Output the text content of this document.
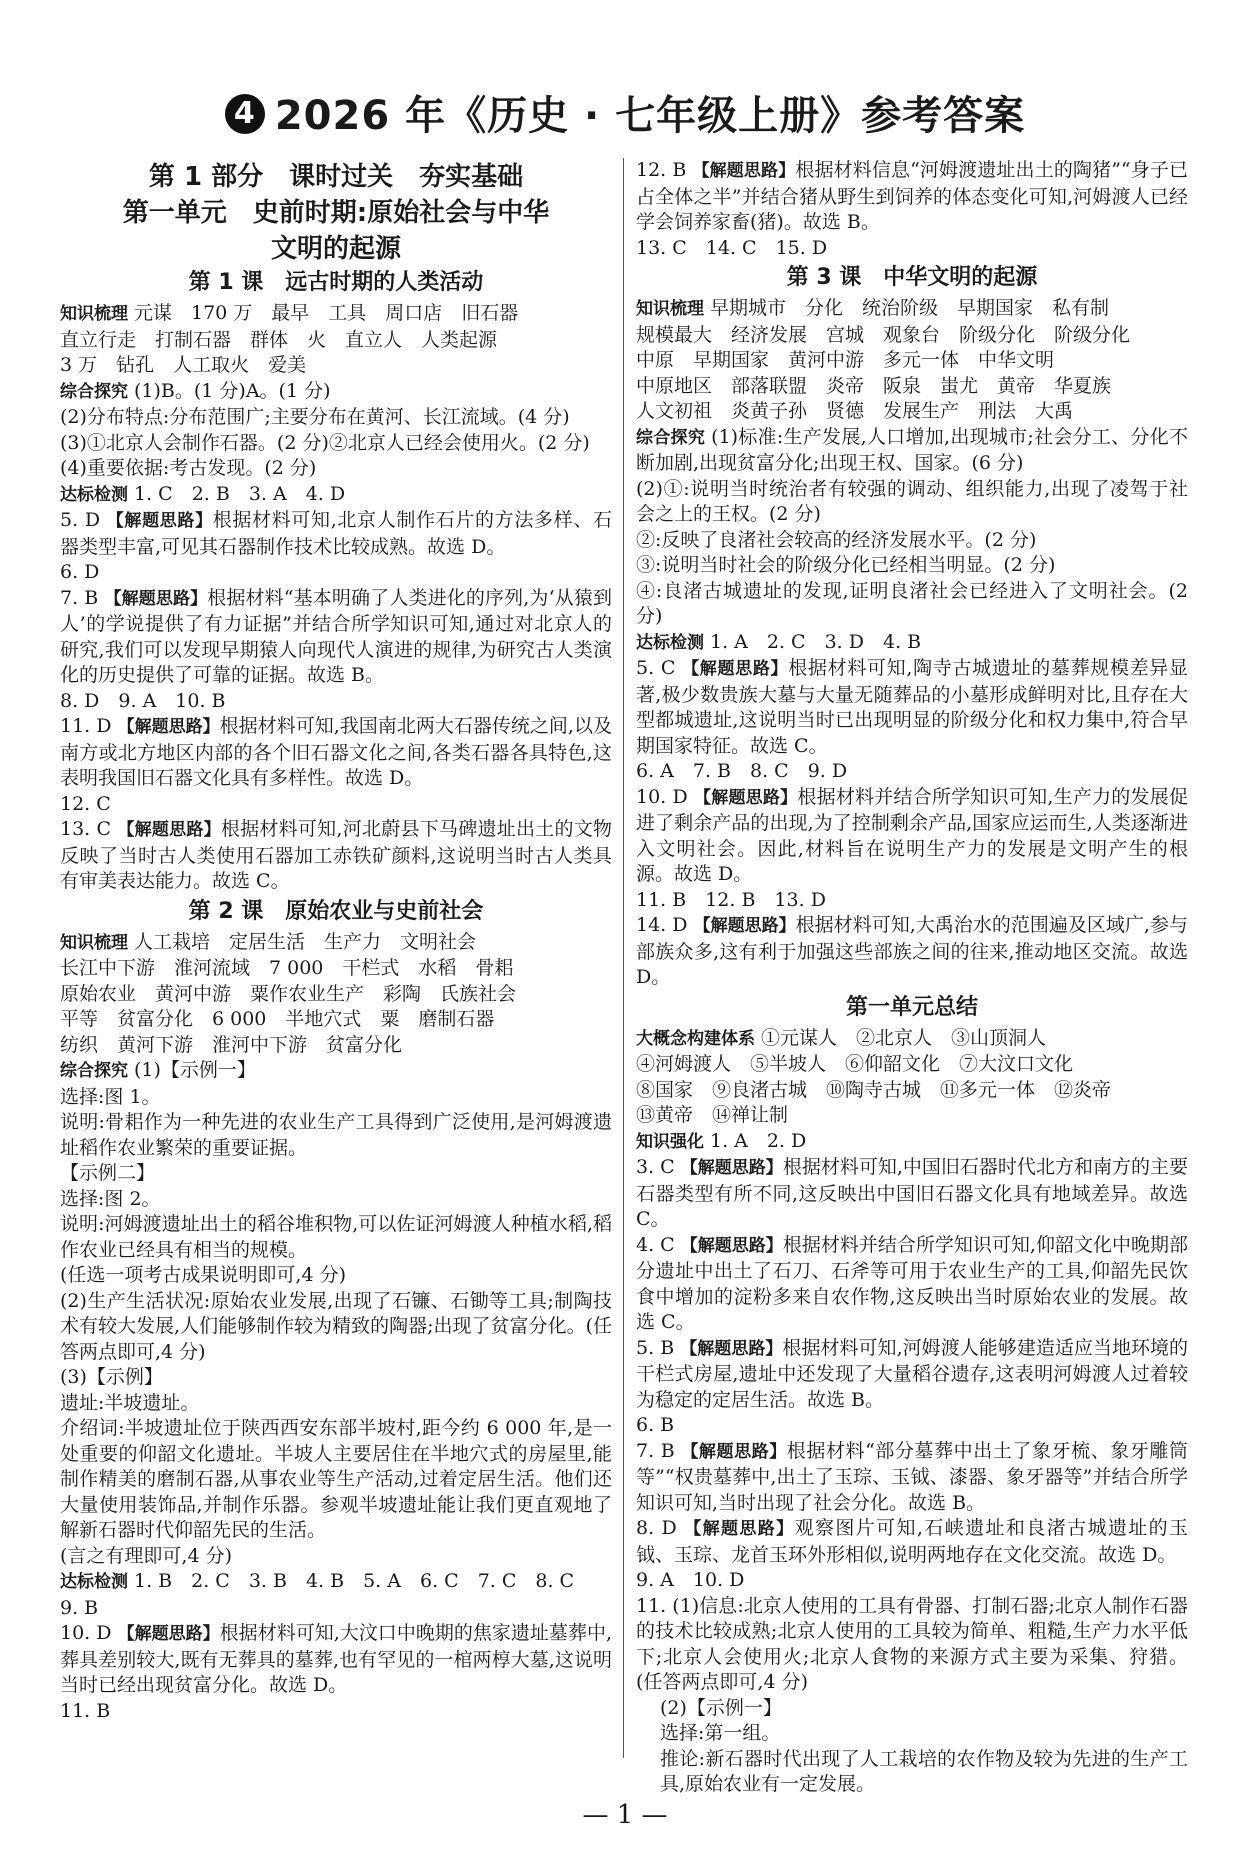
4 2026 年《历史 · 七年级上册》参考答案
第 1 部分　课时过关　夯实基础
第一单元　史前时期:原始社会与中华
文明的起源
第 1 课　远古时期的人类活动

知识梳理 元谋　170 万　最早　工具　周口店　旧石器

直立行走　打制石器　群体　火　直立人　人类起源

3 万　钻孔　人工取火　爱美

综合探究 (1)B。(1 分)A。(1 分)

(2)分布特点:分布范围广;主要分布在黄河、长江流域。(4 分)

(3)①北京人会制作石器。(2 分)②北京人已经会使用火。(2 分)

(4)重要依据:考古发现。(2 分)

达标检测 1. C　2. B　3. A　4. D

5. D 【解题思路】根据材料可知,北京人制作石片的方法多样、石器类型丰富,可见其石器制作技术比较成熟。故选 D。

6. D

7. B 【解题思路】根据材料“基本明确了人类进化的序列,为‘从猿到人’的学说提供了有力证据”并结合所学知识可知,通过对北京人的研究,我们可以发现早期猿人向现代人演进的规律,为研究古人类演化的历史提供了可靠的证据。故选 B。

8. D　9. A　10. B

11. D 【解题思路】根据材料可知,我国南北两大石器传统之间,以及南方或北方地区内部的各个旧石器文化之间,各类石器各具特色,这表明我国旧石器文化具有多样性。故选 D。

12. C

13. C 【解题思路】根据材料可知,河北蔚县下马碑遗址出土的文物反映了当时古人类使用石器加工赤铁矿颜料,这说明当时古人类具有审美表达能力。故选 C。

第 2 课　原始农业与史前社会

知识梳理 人工栽培　定居生活　生产力　文明社会

长江中下游　淮河流域　7 000　干栏式　水稻　骨耜

原始农业　黄河中游　粟作农业生产　彩陶　氏族社会

平等　贫富分化　6 000　半地穴式　粟　磨制石器

纺织　黄河下游　淮河中下游　贫富分化

综合探究 (1)【示例一】

选择:图 1。

说明:骨耜作为一种先进的农业生产工具得到广泛使用,是河姆渡遗址稻作农业繁荣的重要证据。

【示例二】

选择:图 2。

说明:河姆渡遗址出土的稻谷堆积物,可以佐证河姆渡人种植水稻,稻作农业已经具有相当的规模。

(任选一项考古成果说明即可,4 分)

(2)生产生活状况:原始农业发展,出现了石镰、石锄等工具;制陶技术有较大发展,人们能够制作较为精致的陶器;出现了贫富分化。(任答两点即可,4 分)

(3)【示例】

遗址:半坡遗址。

介绍词:半坡遗址位于陕西西安东部半坡村,距今约 6 000 年,是一处重要的仰韶文化遗址。半坡人主要居住在半地穴式的房屋里,能制作精美的磨制石器,从事农业等生产活动,过着定居生活。他们还大量使用装饰品,并制作乐器。参观半坡遗址能让我们更直观地了解新石器时代仰韶先民的生活。

(言之有理即可,4 分)

达标检测 1. B　2. C　3. B　4. B　5. A　6. C　7. C　8. C

9. B

10. D 【解题思路】根据材料可知,大汶口中晚期的焦家遗址墓葬中,葬具差别较大,既有无葬具的墓葬,也有罕见的一棺两椁大墓,这说明当时已经出现贫富分化。故选 D。

11. B

12. B 【解题思路】根据材料信息“河姆渡遗址出土的陶猪”“身子已占全体之半”并结合猪从野生到饲养的体态变化可知,河姆渡人已经学会饲养家畜(猪)。故选 B。

13. C　14. C　15. D

第 3 课　中华文明的起源

知识梳理 早期城市　分化　统治阶级　早期国家　私有制

规模最大　经济发展　宫城　观象台　阶级分化　阶级分化

中原　早期国家　黄河中游　多元一体　中华文明

中原地区　部落联盟　炎帝　阪泉　蚩尤　黄帝　华夏族

人文初祖　炎黄子孙　贤德　发展生产　刑法　大禹

综合探究 (1)标准:生产发展,人口增加,出现城市;社会分工、分化不断加剧,出现贫富分化;出现王权、国家。(6 分)

(2)①:说明当时统治者有较强的调动、组织能力,出现了凌驾于社会之上的王权。(2 分)

②:反映了良渚社会较高的经济发展水平。(2 分)

③:说明当时社会的阶级分化已经相当明显。(2 分)

④:良渚古城遗址的发现,证明良渚社会已经进入了文明社会。(2 分)

达标检测 1. A　2. C　3. D　4. B

5. C 【解题思路】根据材料可知,陶寺古城遗址的墓葬规模差异显著,极少数贵族大墓与大量无随葬品的小墓形成鲜明对比,且存在大型都城遗址,这说明当时已出现明显的阶级分化和权力集中,符合早期国家特征。故选 C。

6. A　7. B　8. C　9. D

10. D 【解题思路】根据材料并结合所学知识可知,生产力的发展促进了剩余产品的出现,为了控制剩余产品,国家应运而生,人类逐渐进入文明社会。因此,材料旨在说明生产力的发展是文明产生的根源。故选 D。

11. B　12. B　13. D

14. D 【解题思路】根据材料可知,大禹治水的范围遍及区域广,参与部族众多,这有利于加强这些部族之间的往来,推动地区交流。故选 D。

第一单元总结

大概念构建体系 ①元谋人　②北京人　③山顶洞人

④河姆渡人　⑤半坡人　⑥仰韶文化　⑦大汶口文化

⑧国家　⑨良渚古城　⑩陶寺古城　⑪多元一体　⑫炎帝

⑬黄帝　⑭禅让制

知识强化 1. A　2. D

3. C 【解题思路】根据材料可知,中国旧石器时代北方和南方的主要石器类型有所不同,这反映出中国旧石器文化具有地域差异。故选 C。

4. C 【解题思路】根据材料并结合所学知识可知,仰韶文化中晚期部分遗址中出土了石刀、石斧等可用于农业生产的工具,仰韶先民饮食中增加的淀粉多来自农作物,这反映出当时原始农业的发展。故选 C。

5. B 【解题思路】根据材料可知,河姆渡人能够建造适应当地环境的干栏式房屋,遗址中还发现了大量稻谷遗存,这表明河姆渡人过着较为稳定的定居生活。故选 B。

6. B

7. B 【解题思路】根据材料“部分墓葬中出土了象牙梳、象牙雕筒等”“权贵墓葬中,出土了玉琮、玉钺、漆器、象牙器等”并结合所学知识可知,当时出现了社会分化。故选 B。

8. D 【解题思路】观察图片可知,石峡遗址和良渚古城遗址的玉钺、玉琮、龙首玉环外形相似,说明两地存在文化交流。故选 D。

9. A　10. D

11. (1)信息:北京人使用的工具有骨器、打制石器;北京人制作石器的技术比较成熟;北京人使用的工具较为简单、粗糙,生产力水平低下;北京人会使用火;北京人食物的来源方式主要为采集、狩猎。(任答两点即可,4 分)

(2)【示例一】

选择:第一组。

推论:新石器时代出现了人工栽培的农作物及较为先进的生产工具,原始农业有一定发展。

— 1 —
